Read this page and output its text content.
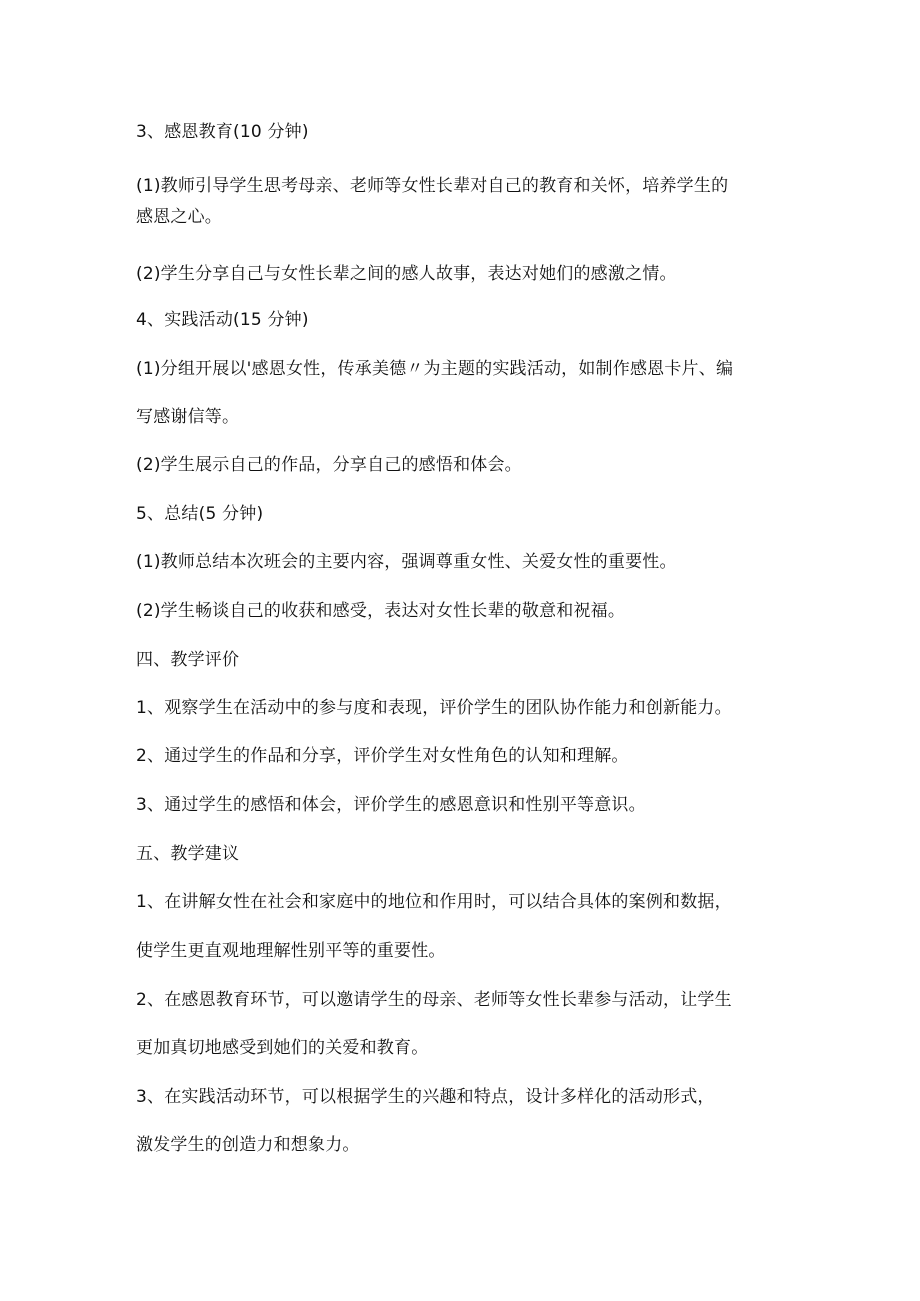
3、感恩教育(10 分钟)
(1)教师引导学生思考母亲、老师等女性长辈对自己的教育和关怀，培养学生的
感恩之心。
(2)学生分享自己与女性长辈之间的感人故事，表达对她们的感激之情。
4、实践活动(15 分钟)
(1)分组开展以'感恩女性，传承美德〃为主题的实践活动，如制作感恩卡片、编
写感谢信等。
(2)学生展示自己的作品，分享自己的感悟和体会。
5、总结(5 分钟)
(1)教师总结本次班会的主要内容，强调尊重女性、关爱女性的重要性。
(2)学生畅谈自己的收获和感受，表达对女性长辈的敬意和祝福。
四、教学评价
1、观察学生在活动中的参与度和表现，评价学生的团队协作能力和创新能力。
2、通过学生的作品和分享，评价学生对女性角色的认知和理解。
3、通过学生的感悟和体会，评价学生的感恩意识和性别平等意识。
五、教学建议
1、在讲解女性在社会和家庭中的地位和作用时，可以结合具体的案例和数据，
使学生更直观地理解性别平等的重要性。
2、在感恩教育环节，可以邀请学生的母亲、老师等女性长辈参与活动，让学生
更加真切地感受到她们的关爱和教育。
3、在实践活动环节，可以根据学生的兴趣和特点，设计多样化的活动形式，
激发学生的创造力和想象力。
